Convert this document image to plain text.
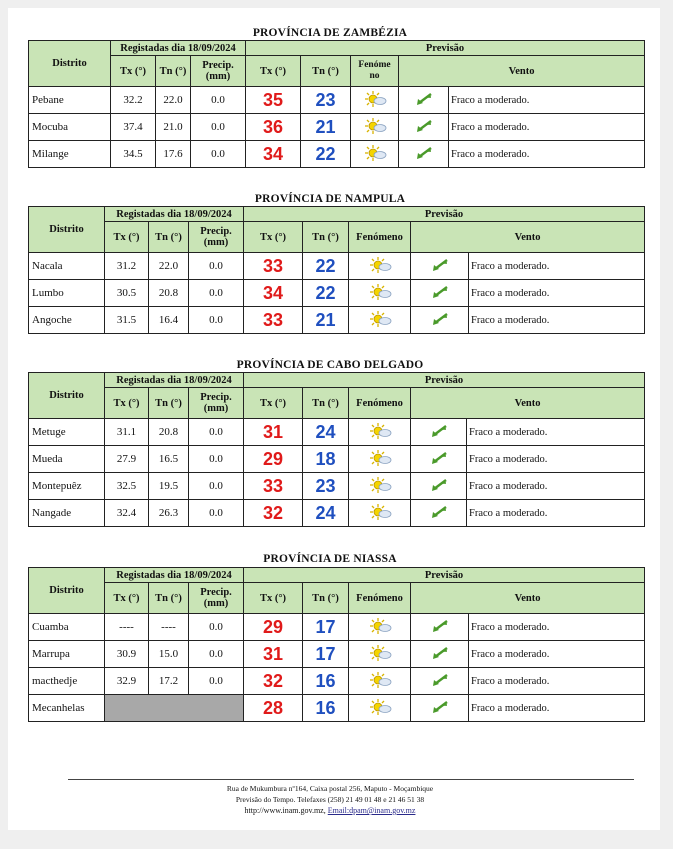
PROVÍNCIA DE ZAMBÉZIA
Distrito	Registadas dia 18/09/2024			Previsão				
	Tx (°)	Tn (°)	Precip. (mm)	Tx (°)	Tn (°)	Fenóme no	Vento	
Pebane	32.2	22.0	0.0	35	23			Fraco a moderado.
Mocuba	37.4	21.0	0.0	36	21			Fraco a moderado.
Milange	34.5	17.6	0.0	34	22			Fraco a moderado.
PROVÍNCIA DE NAMPULA
Distrito	Registadas dia 18/09/2024			Previsão				
	Tx (°)	Tn (°)	Precip. (mm)	Tx (°)	Tn (°)	Fenómeno	Vento	
Nacala	31.2	22.0	0.0	33	22			Fraco a moderado.
Lumbo	30.5	20.8	0.0	34	22			Fraco a moderado.
Angoche	31.5	16.4	0.0	33	21			Fraco a moderado.
PROVÍNCIA DE CABO DELGADO
Distrito	Registadas dia 18/09/2024			Previsão				
	Tx (°)	Tn (°)	Precip. (mm)	Tx (°)	Tn (°)	Fenómeno	Vento	
Metuge	31.1	20.8	0.0	31	24			Fraco a moderado.
Mueda	27.9	16.5	0.0	29	18			Fraco a moderado.
Montepuêz	32.5	19.5	0.0	33	23			Fraco a moderado.
Nangade	32.4	26.3	0.0	32	24			Fraco a moderado.
PROVÍNCIA DE NIASSA
Distrito	Registadas dia 18/09/2024			Previsão				
	Tx (°)	Tn (°)	Precip. (mm)	Tx (°)	Tn (°)	Fenómeno	Vento	
Cuamba	----	----	0.0	29	17			Fraco a moderado.
Marrupa	30.9	15.0	0.0	31	17			Fraco a moderado.
macthedje	32.9	17.2	0.0	32	16			Fraco a moderado.
Mecanhelas				28	16			Fraco a moderado.
Rua de Mukumbura nº164, Caixa postal 256, Maputo - Moçambique
Previsão do Tempo. Telefaxes (258) 21 49 01 48 e 21 46 51 38
http://www.inam.gov.mz, Email:dpam@inam.gov.mz
